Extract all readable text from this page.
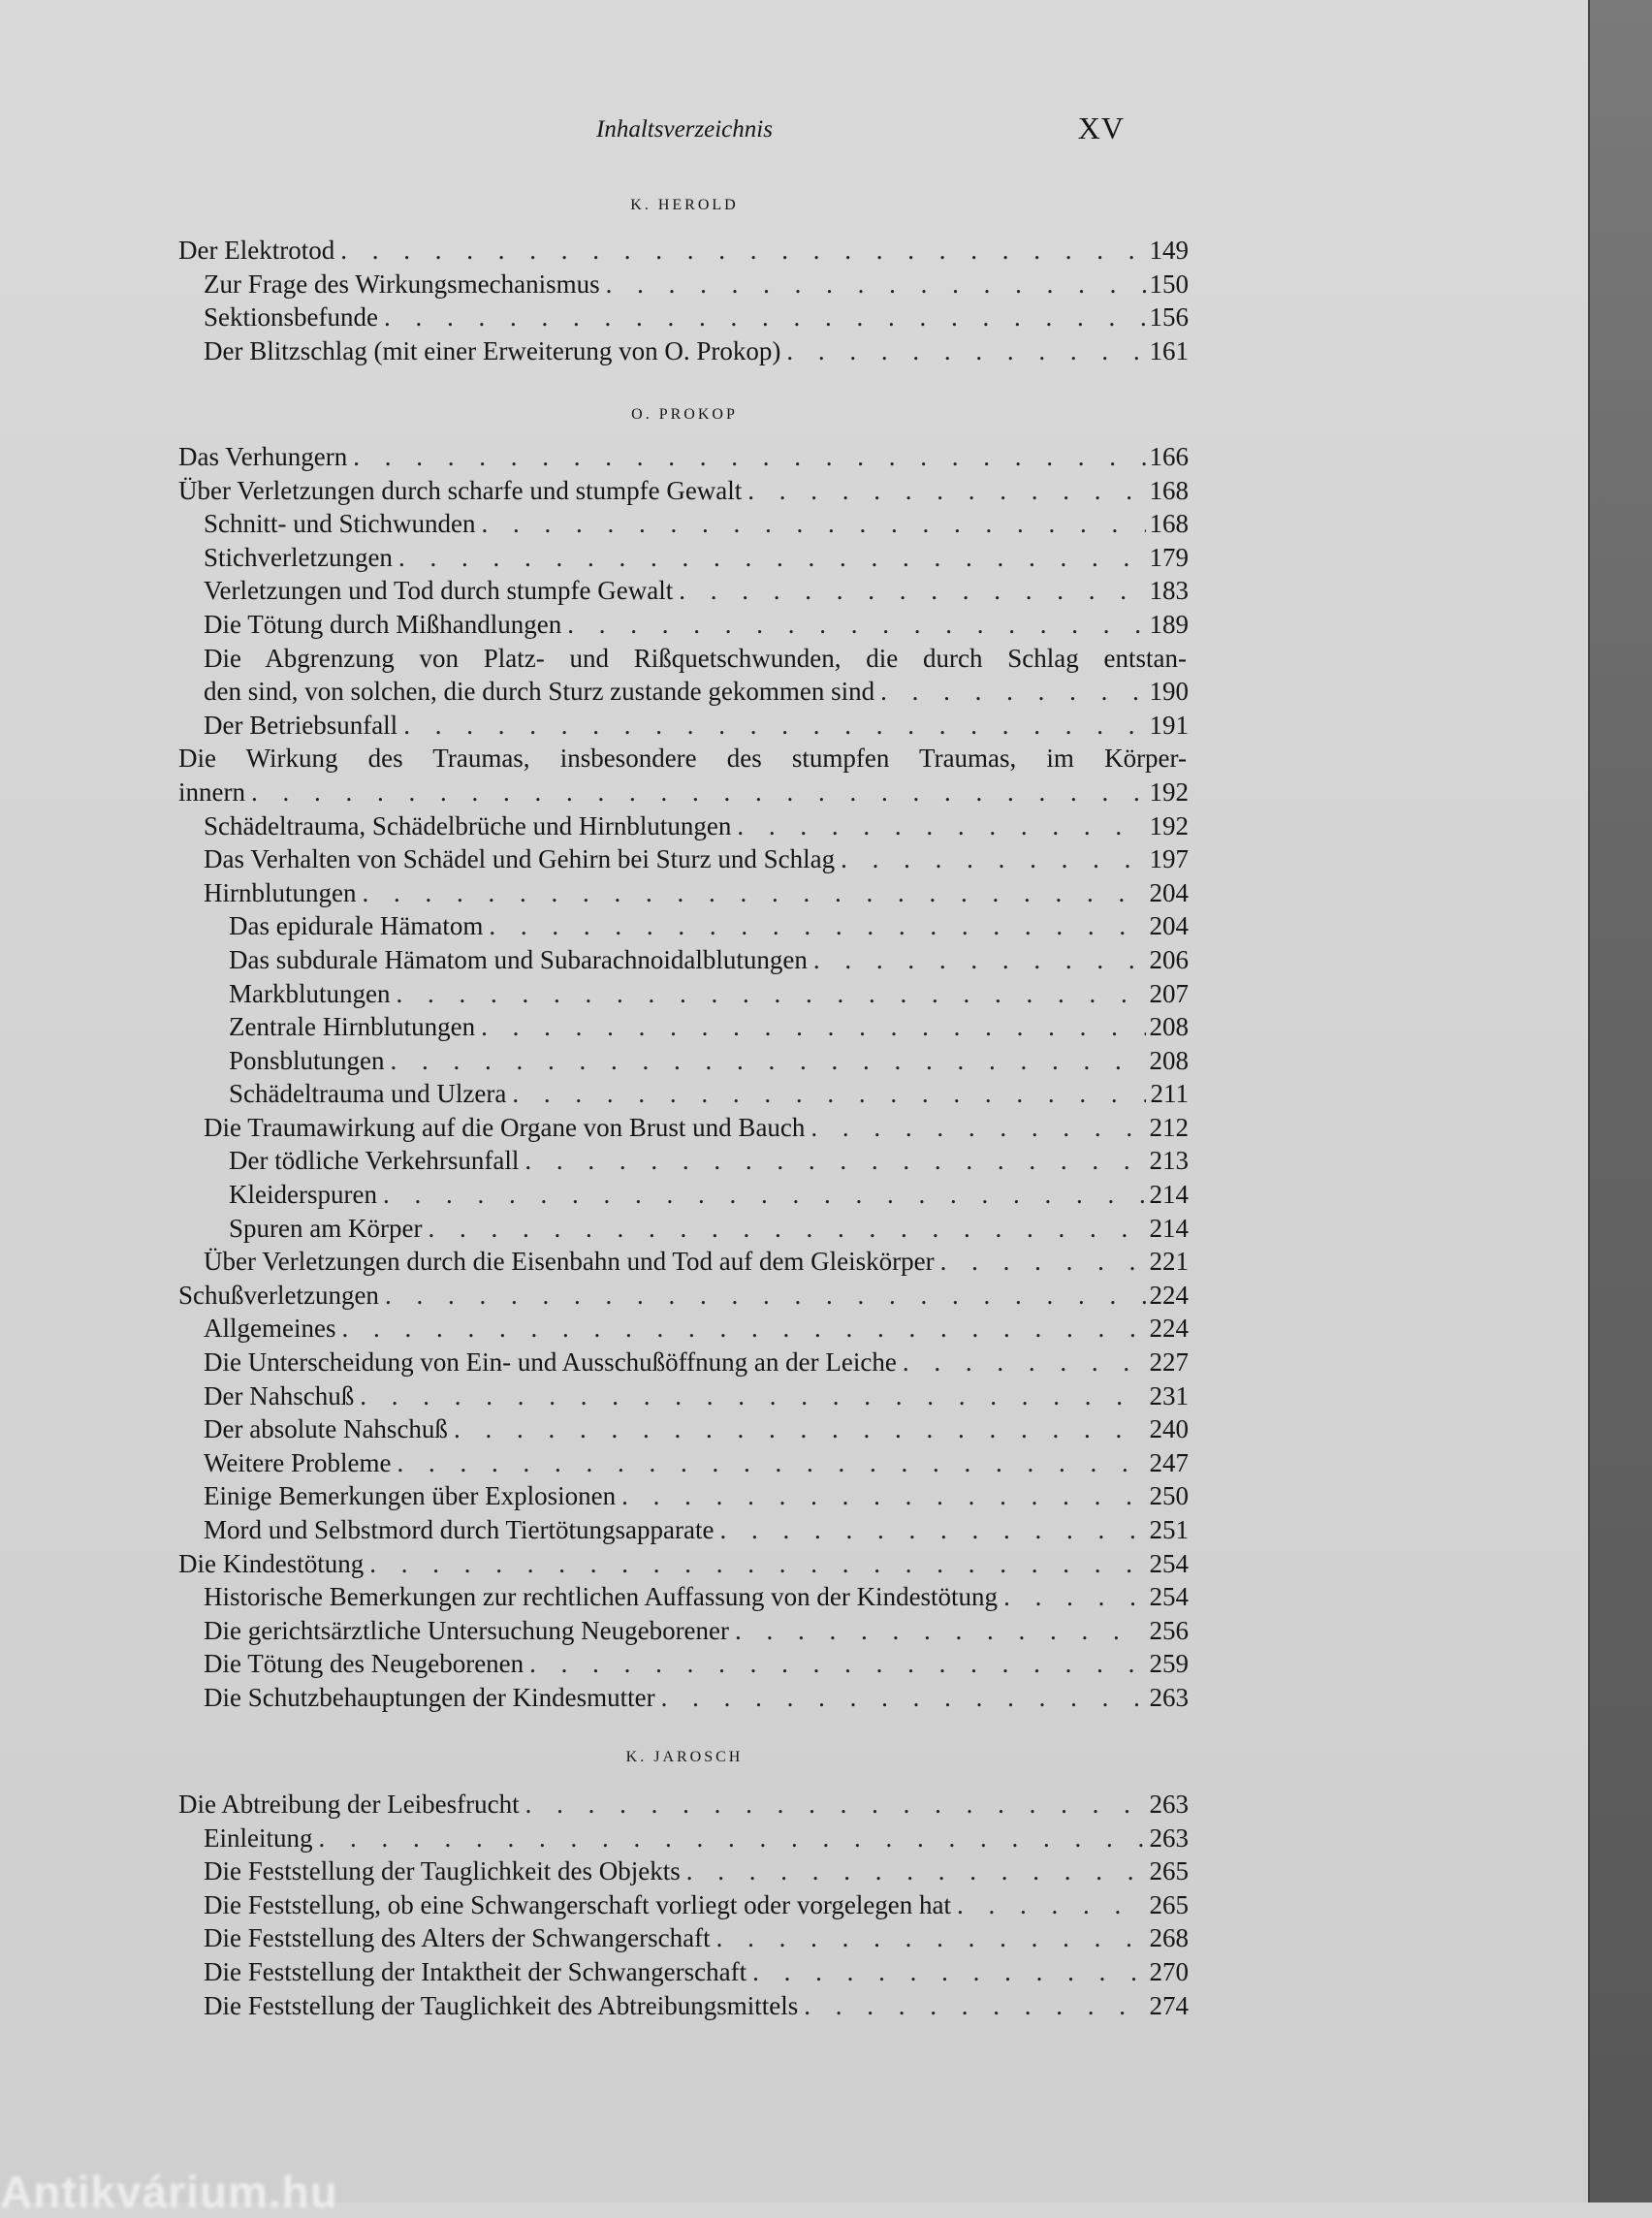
Inhaltsverzeichnis	XV
K. HEROLD
Der Elektrotod . . .	149
Zur Frage des Wirkungsmechanismus . . .	150
Sektionsbefunde . . .	156
Der Blitzschlag (mit einer Erweiterung von O. Prokop) . . .	161
O. PROKOP
Das Verhungern . . .	166
Über Verletzungen durch scharfe und stumpfe Gewalt . . .	168
Schnitt- und Stichwunden . . .	168
Stichverletzungen . . .	179
Verletzungen und Tod durch stumpfe Gewalt . . .	183
Die Tötung durch Mißhandlungen . . .	189
Die Abgrenzung von Platz- und Rißquetschwunden, die durch Schlag entstan-
den sind, von solchen, die durch Sturz zustande gekommen sind . . .	190
Der Betriebsunfall . . .	191
Die Wirkung des Traumas, insbesondere des stumpfen Traumas, im Körper-
innern . . .	192
Schädeltrauma, Schädelbrüche und Hirnblutungen . . .	192
Das Verhalten von Schädel und Gehirn bei Sturz und Schlag . . .	197
Hirnblutungen . . .	204
Das epidurale Hämatom . . .	204
Das subdurale Hämatom und Subarachnoidalblutungen . . .	206
Markblutungen . . .	207
Zentrale Hirnblutungen . . .	208
Ponsblutungen . . .	208
Schädeltrauma und Ulzera . . .	211
Die Traumawirkung auf die Organe von Brust und Bauch . . .	212
Der tödliche Verkehrsunfall . . .	213
Kleiderspuren . . .	214
Spuren am Körper . . .	214
Über Verletzungen durch die Eisenbahn und Tod auf dem Gleiskörper . . .	221
Schußverletzungen . . .	224
Allgemeines . . .	224
Die Unterscheidung von Ein- und Ausschußöffnung an der Leiche . . .	227
Der Nahschuß . . .	231
Der absolute Nahschuß . . .	240
Weitere Probleme . . .	247
Einige Bemerkungen über Explosionen . . .	250
Mord und Selbstmord durch Tiertötungsapparate . . .	251
Die Kindestötung . . .	254
Historische Bemerkungen zur rechtlichen Auffassung von der Kindestötung . . .	254
Die gerichtsärztliche Untersuchung Neugeborener . . .	256
Die Tötung des Neugeborenen . . .	259
Die Schutzbehauptungen der Kindesmutter . . .	263
K. JAROSCH
Die Abtreibung der Leibesfrucht . . .	263
Einleitung . . .	263
Die Feststellung der Tauglichkeit des Objekts . . .	265
Die Feststellung, ob eine Schwangerschaft vorliegt oder vorgelegen hat . . .	265
Die Feststellung des Alters der Schwangerschaft . . .	268
Die Feststellung der Intaktheit der Schwangerschaft . . .	270
Die Feststellung der Tauglichkeit des Abtreibungsmittels . . .	274
Antikvárium.hu
